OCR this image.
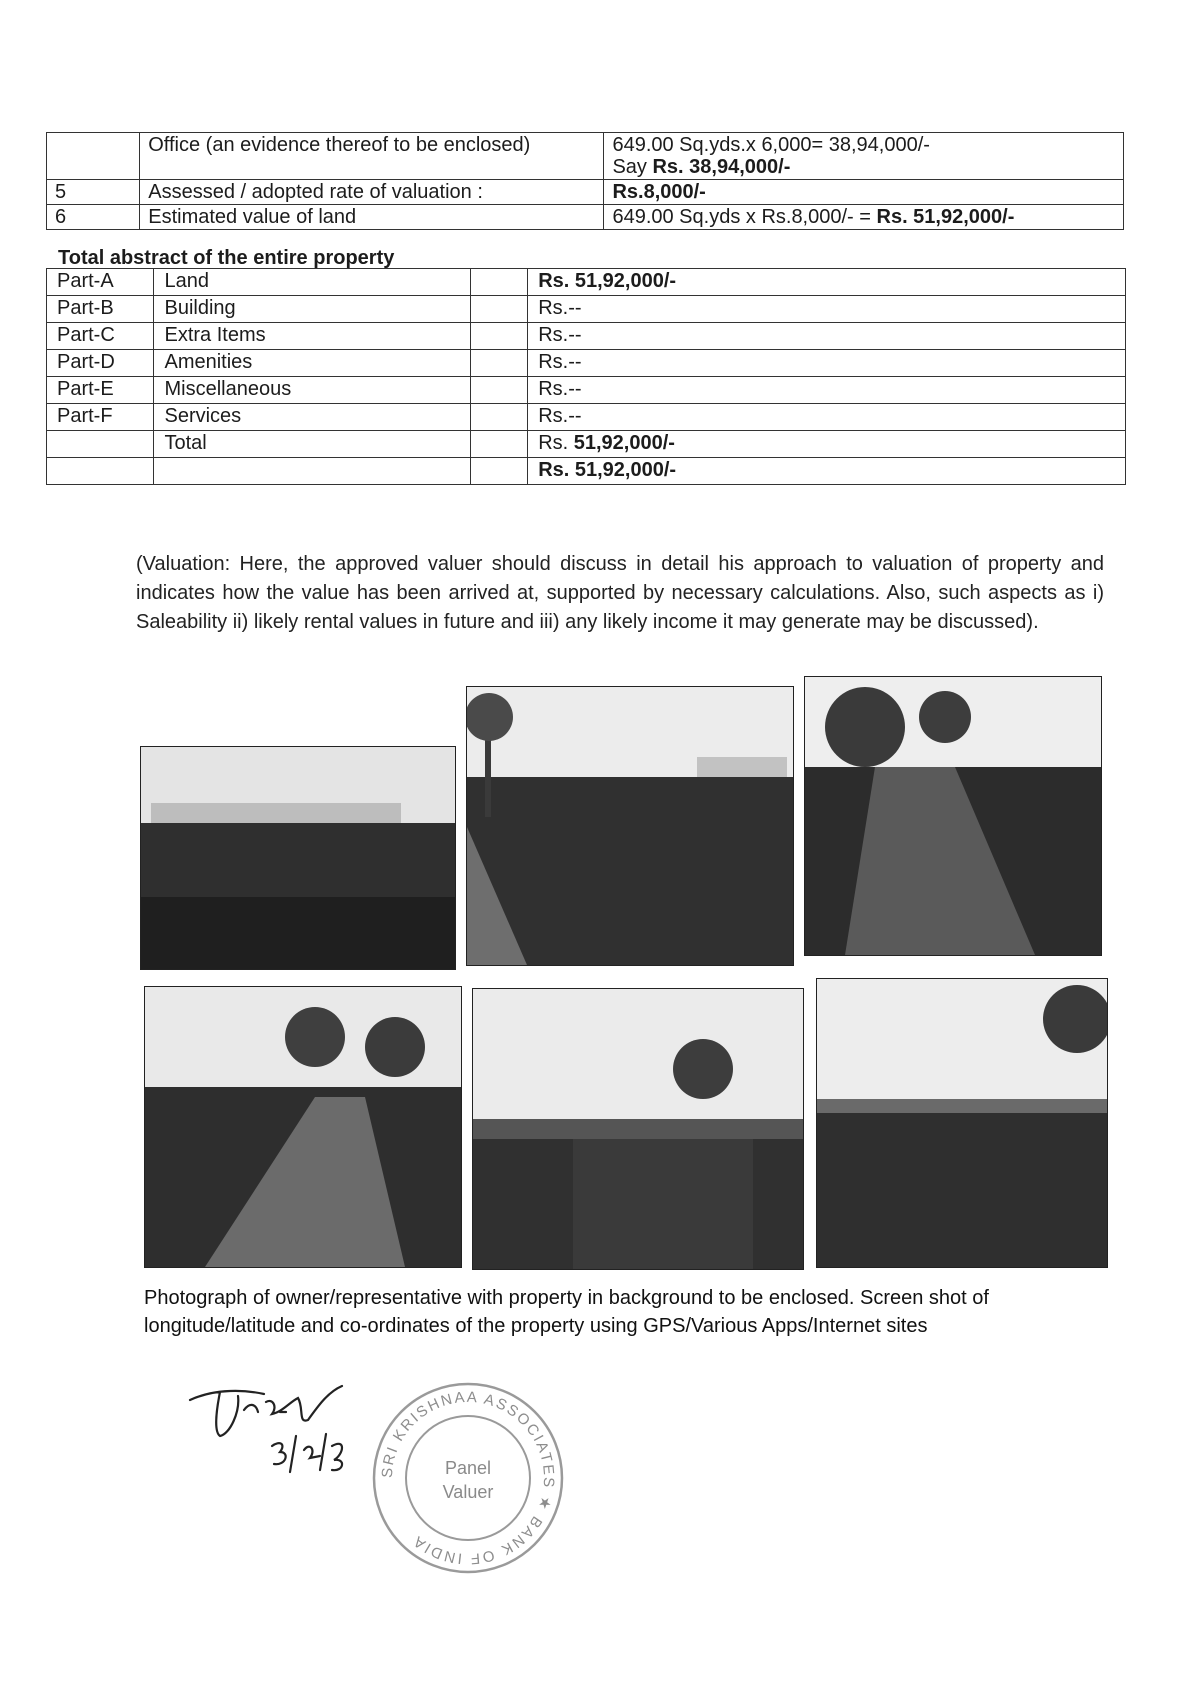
	Office (an evidence thereof to be enclosed)	649.00 Sq.yds.x 6,000= 38,94,000/-
Say Rs. 38,94,000/-

5	Assessed / adopted rate of valuation :	Rs.8,000/-
6	Estimated value of land	649.00 Sq.yds x Rs.8,000/- = Rs. 51,92,000/-
Total abstract of the entire property
Part-A	Land		Rs. 51,92,000/-
Part-B	Building		Rs.--
Part-C	Extra Items		Rs.--
Part-D	Amenities		Rs.--
Part-E	Miscellaneous		Rs.--
Part-F	Services		Rs.--
	Total		Rs. 51,92,000/-
			Rs. 51,92,000/-
(Valuation: Here, the approved valuer should discuss in detail his approach to valuation of property and indicates how the value has been arrived at, supported by necessary calculations. Also, such aspects as i) Saleability ii) likely rental values in future and iii) any likely income it may generate may be discussed).
Photograph of owner/representative with property in background to be enclosed. Screen shot of longitude/latitude and co-ordinates of the property using GPS/Various Apps/Internet sites
SRI KRISHNAA ASSOCIATES ★ BANK OF INDIA
Panel
Valuer
